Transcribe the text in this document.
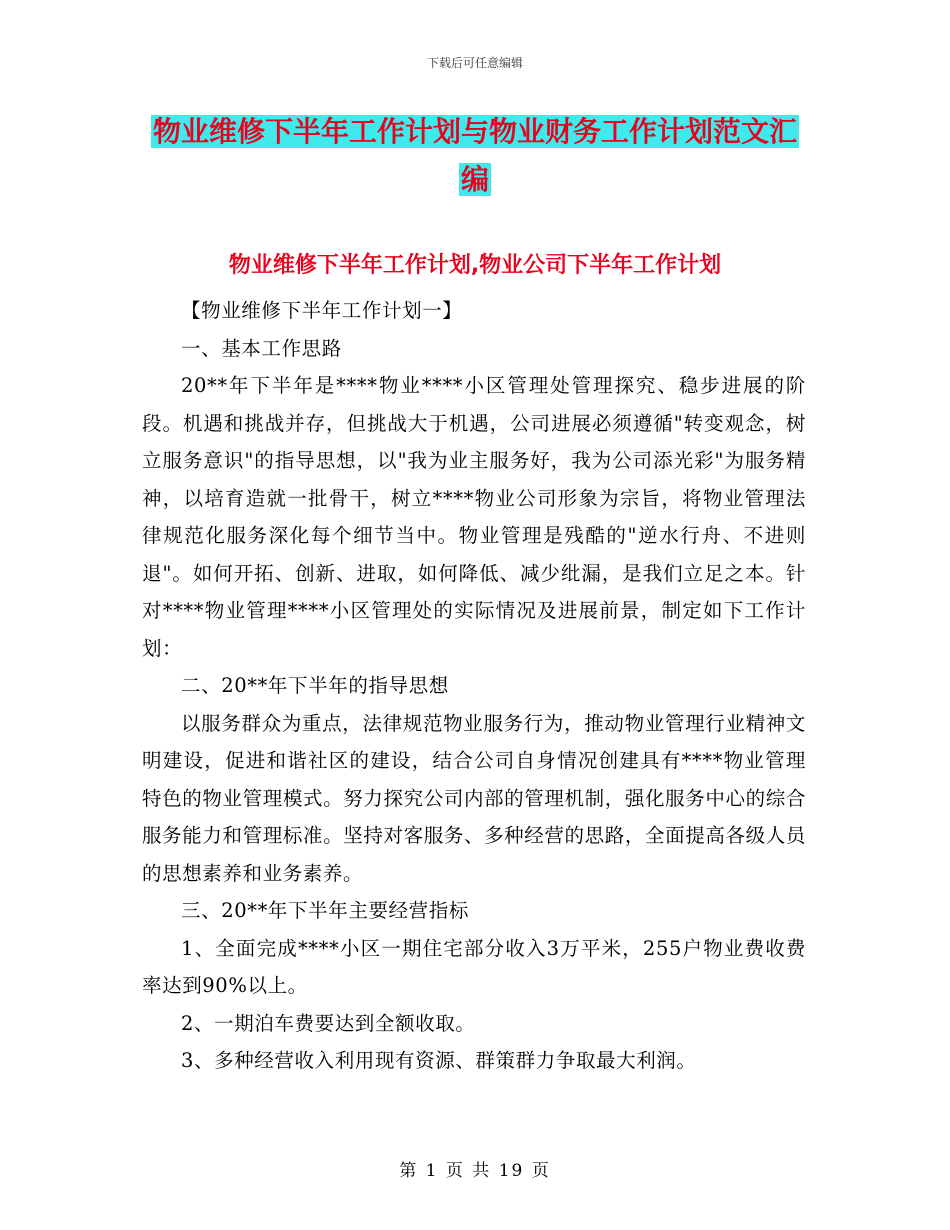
下载后可任意编辑
物业维修下半年工作计划与物业财务工作计划范文汇
编
物业维修下半年工作计划,物业公司下半年工作计划

【物业维修下半年工作计划一】

一、基本工作思路

20**年下半年是****物业****小区管理处管理探究、稳步进展的阶段。机遇和挑战并存，但挑战大于机遇，公司进展必须遵循"转变观念，树立服务意识"的指导思想，以"我为业主服务好，我为公司添光彩"为服务精神，以培育造就一批骨干，树立****物业公司形象为宗旨，将物业管理法律规范化服务深化每个细节当中。物业管理是残酷的"逆水行舟、不进则退"。如何开拓、创新、进取，如何降低、减少纰漏，是我们立足之本。针对****物业管理****小区管理处的实际情况及进展前景，制定如下工作计划：

二、20**年下半年的指导思想

以服务群众为重点，法律规范物业服务行为，推动物业管理行业精神文明建设，促进和谐社区的建设，结合公司自身情况创建具有****物业管理特色的物业管理模式。努力探究公司内部的管理机制，强化服务中心的综合服务能力和管理标准。坚持对客服务、多种经营的思路，全面提高各级人员的思想素养和业务素养。

三、20**年下半年主要经营指标

1、全面完成****小区一期住宅部分收入3万平米，255户物业费收费率达到90%以上。

2、一期泊车费要达到全额收取。

3、多种经营收入利用现有资源、群策群力争取最大利润。

第 1 页 共 19 页
